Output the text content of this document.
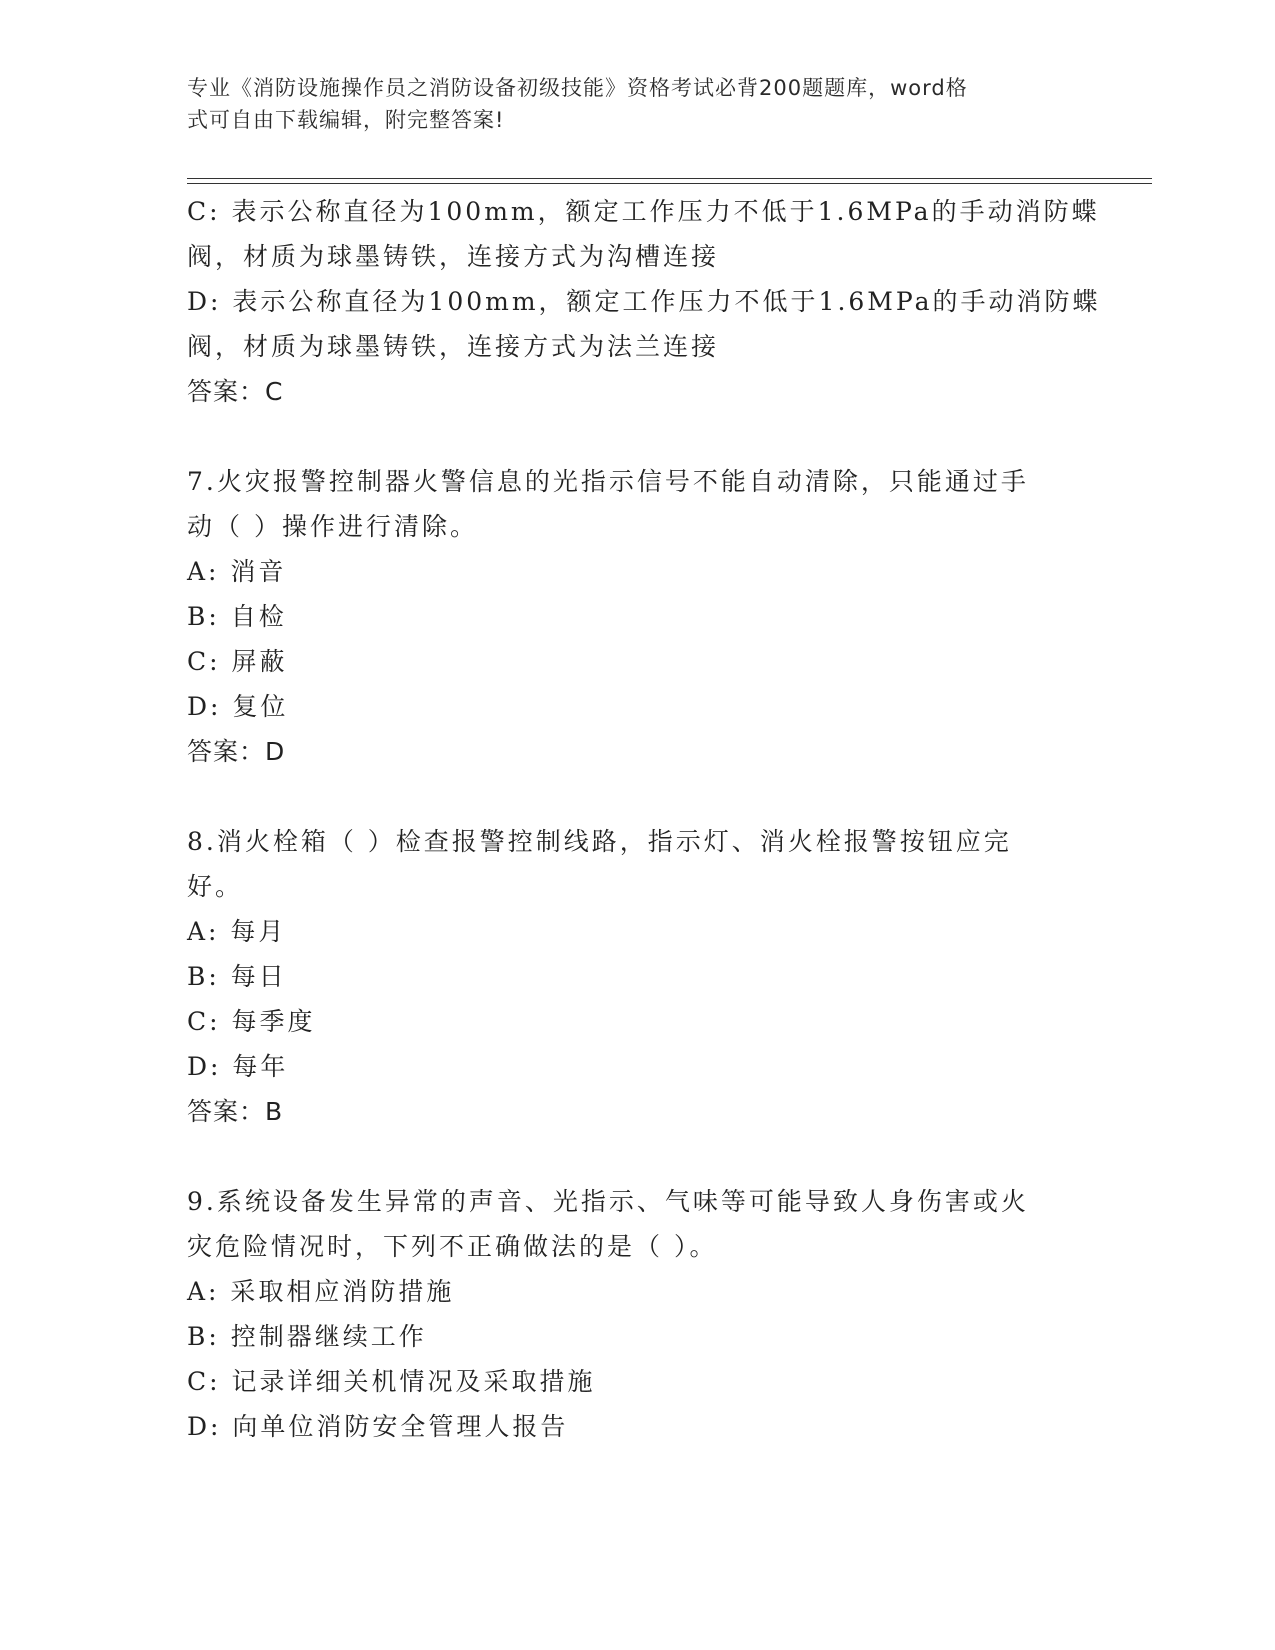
专业《消防设施操作员之消防设备初级技能》资格考试必背200题题库，word格
式可自由下载编辑，附完整答案!

C: 表示公称直径为100mm，额定工作压力不低于1.6MPa的手动消防蝶

阀，材质为球墨铸铁，连接方式为沟槽连接

D: 表示公称直径为100mm，额定工作压力不低于1.6MPa的手动消防蝶

阀，材质为球墨铸铁，连接方式为法兰连接

答案：C

7.火灾报警控制器火警信息的光指示信号不能自动清除，只能通过手

动（ ）操作进行清除。

A: 消音

B: 自检

C: 屏蔽

D: 复位

答案：D

8.消火栓箱（ ）检查报警控制线路，指示灯、消火栓报警按钮应完

好。

A: 每月

B: 每日

C: 每季度

D: 每年

答案：B

9.系统设备发生异常的声音、光指示、气味等可能导致人身伤害或火

灾危险情况时，下列不正确做法的是（ ）。

A: 采取相应消防措施

B: 控制器继续工作

C: 记录详细关机情况及采取措施

D: 向单位消防安全管理人报告
